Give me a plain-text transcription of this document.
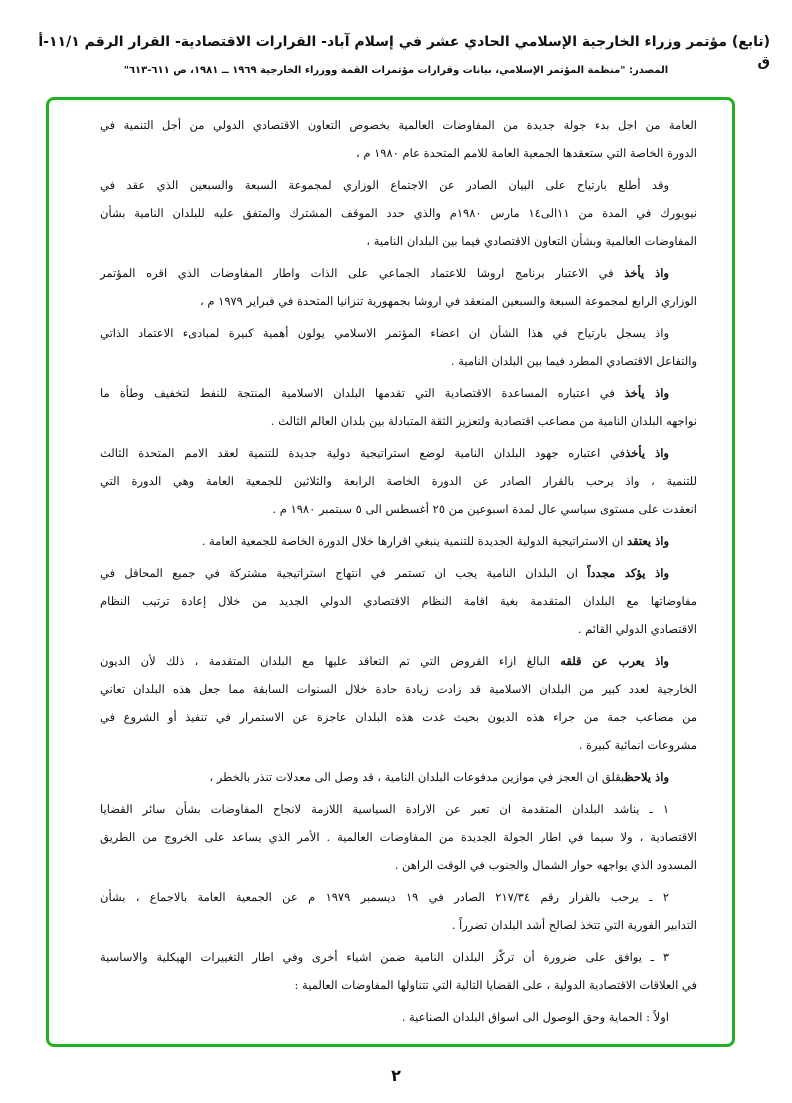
(تابع) مؤتمر وزراء الخارجية الإسلامي الحادي عشر في إسلام آباد- القرارات الاقتصادية- القرار الرقم ١١/١-أ ق
المصدر: "منظمة المؤتمر الإسلامي، بيانات وقرارات مؤتمرات القمة ووزراء الخارجية ١٩٦٩ ــ ١٩٨١، ص ٦١١-٦١٣"
العامة من اجل بدء جولة جديدة من المفاوضات العالمية بخصوص التعاون الاقتصادي الدولي من أجل التنمية في
الدورة الخاصة التي ستعقدها الجمعية العامة للامم المتحدة عام ١٩٨٠ م ،
وقد أطلع بارتياح على البيان الصادر عن الاجتماع الوزاري لمجموعة السبعة والسبعين الذي عقد في
نيويورك في المدة من ١١الى١٤ مارس ١٩٨٠م والذي حدد الموقف المشترك والمتفق عليه للبلدان النامية بشأن
المفاوضات العالمية وبشأن التعاون الاقتصادي فيما بين البلدان النامية ،
واذ يأخذ في الاعتبار برنامج اروشا للاعتماد الجماعي على الذات واطار المفاوضات الذي اقره المؤتمر
الوزاري الرابع لمجموعة السبعة والسبعين المنعقد في اروشا بجمهورية تنزانيا المتحدة في فبراير ١٩٧٩ م ،
واذ يسجل بارتياح في هذا الشأن ان اعضاء المؤتمر الاسلامي يولون أهمية كبيرة لمبادىء الاعتماد الذاتي
والتفاعل الاقتصادي المطرد فيما بين البلدان النامية .
واذ يأخذ في اعتباره المساعدة الاقتصادية التي تقدمها البلدان الاسلامية المنتجة للنفط لتخفيف وطأة ما
نواجهه البلدان النامية من مصاعب اقتصادية ولتعزيز الثقة المتبادلة بين بلدان العالم الثالث .
واذ يأخذفي اعتباره جهود البلدان النامية لوضع استراتيجية دولية جديدة للتنمية لعقد الامم المتحدة الثالث
للتنمية ، واذ يرحب بالقرار الصادر عن الدورة الخاصة الرابعة والثلاثين للجمعية العامة وهي الدورة التي
انعقدت على مستوى سياسي عال لمدة اسبوعين من ٢٥ أغسطس الى ٥ سبتمبر ١٩٨٠ م .
واذ يعتقد ان الاستراتيجية الدولية الجديدة للتنمية ينبغي اقرارها خلال الدورة الخاصة للجمعية العامة .
واذ يؤكد مجدداً ان البلدان النامية يجب ان تستمر في انتهاج استراتيجية مشتركة في جميع المحافل في
مفاوضاتها مع البلدان المتقدمة بغية اقامة النظام الاقتصادي الدولي الجديد من خلال إعادة ترتيب النظام
الاقتصادي الدولي القائم .
واذ يعرب عن قلقه البالغ ازاء القروض التي تم التعاقد عليها مع البلدان المتقدمة ، ذلك لأن الديون
الخارجية لعدد كبير من البلدان الاسلامية قد زادت زيادة حادة خلال السنوات السابقة مما جعل هذه البلدان تعاني
من مصاعب جمة من جراء هذه الديون بحيث غدت هذه البلدان عاجزة عن الاستمرار في تنفيذ أو الشروع في
مشروعات انمائية كبيرة .
واذ يلاحظبقلق ان العجز في موازين مدفوعات البلدان النامية ، قد وصل الى معدلات تنذر بالخطر ،
١ ـ يناشد البلدان المتقدمة ان تعبر عن الارادة السياسية اللازمة لانجاح المفاوضات بشأن سائر القضايا
الاقتصادية ، ولا سيما في اطار الجولة الجديدة من المفاوضات العالمية . الأمر الذي يساعد على الخروج من الطريق
المسدود الذي يواجهه حوار الشمال والجنوب في الوقت الراهن .
٢ ـ يرحب بالقرار رقم ٢١٧/٣٤ الصادر في ١٩ ديسمبر ١٩٧٩ م عن الجمعية العامة بالاجماع ، بشأن
التدابير الفورية التي تتخذ لصالح أشد البلدان تضرراً .
٣ ـ يوافق على ضرورة أن تركّز البلدان النامية ضمن اشياء أخرى وفي اطار التغييرات الهيكلية والاساسية
في العلاقات الاقتصادية الدولية ، على القضايا التالية التي تتناولها المفاوضات العالمية :
اولاً : الحماية وحق الوصول الى اسواق البلدان الصناعية .
٢
